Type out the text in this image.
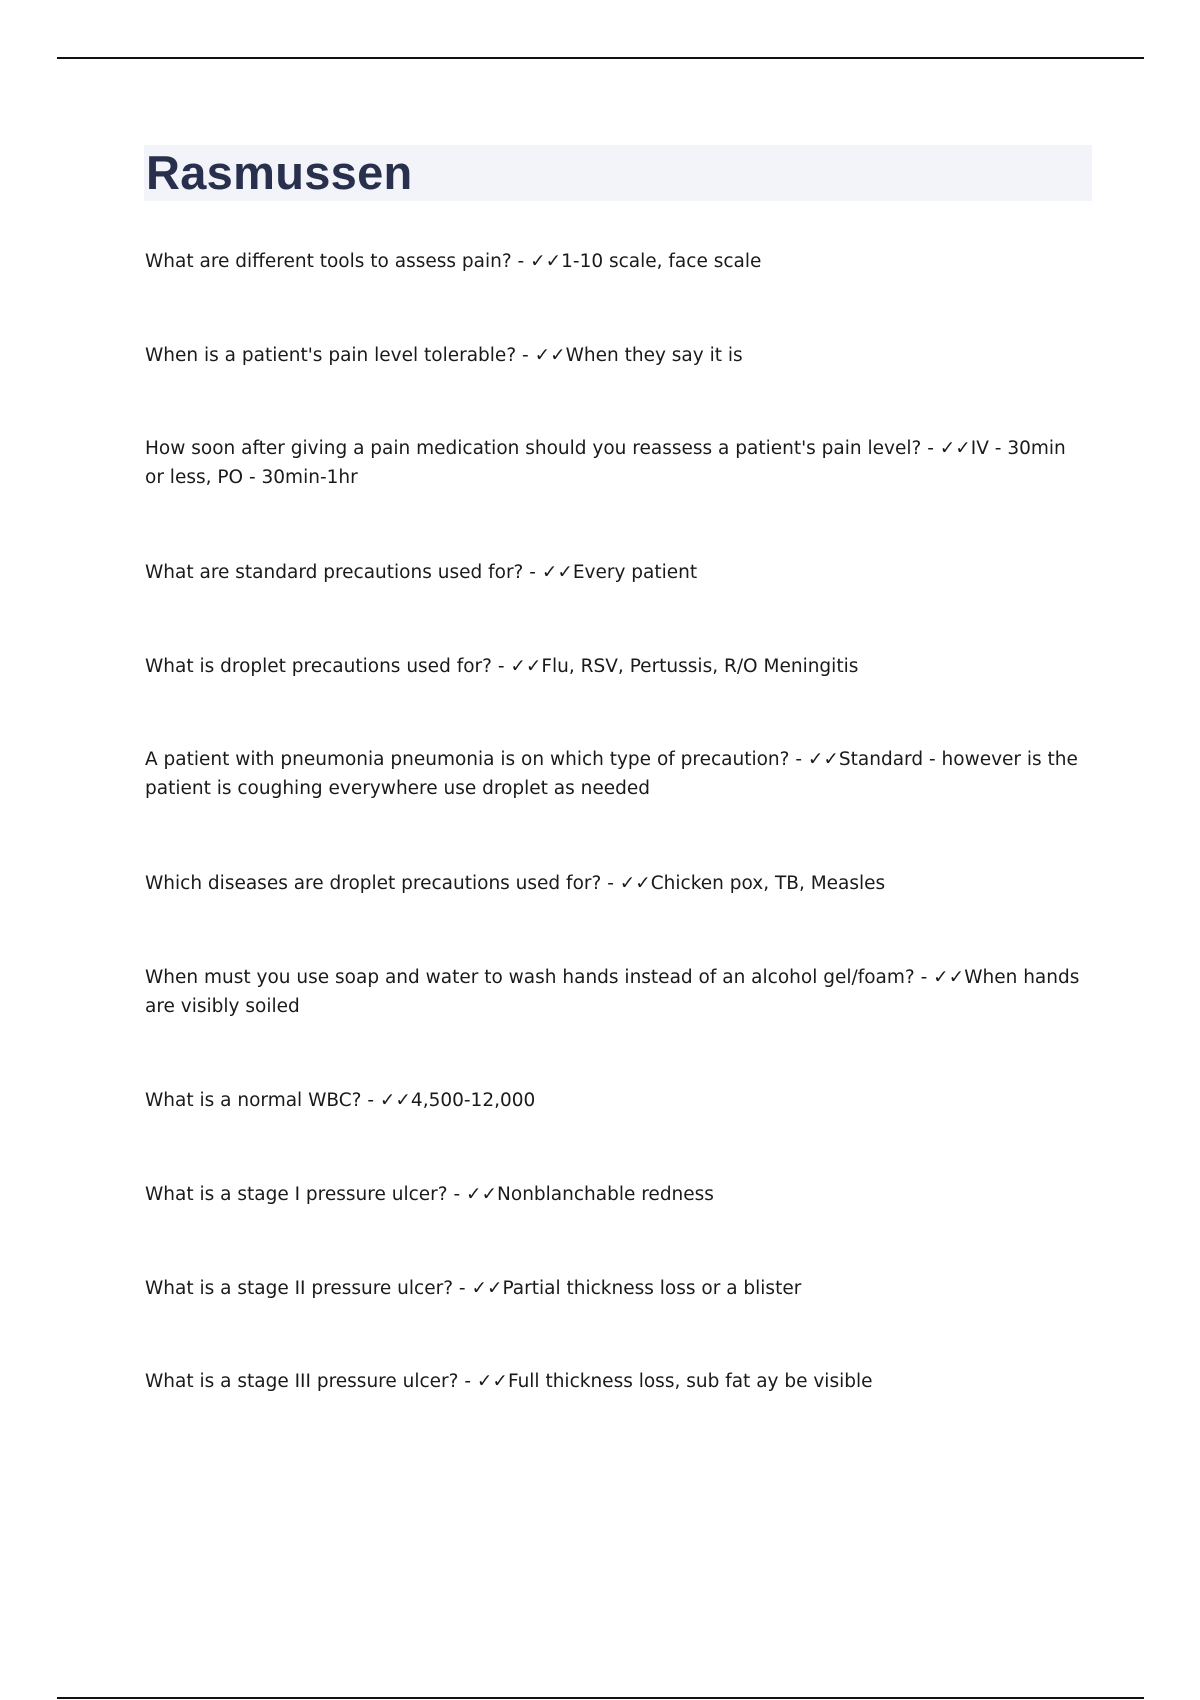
Rasmussen
What are different tools to assess pain? - ✓✓1-10 scale, face scale
When is a patient's pain level tolerable? - ✓✓When they say it is
How soon after giving a pain medication should you reassess a patient's pain level? - ✓✓IV - 30min or less, PO - 30min-1hr
What are standard precautions used for? - ✓✓Every patient
What is droplet precautions used for? - ✓✓Flu, RSV, Pertussis, R/O Meningitis
A patient with pneumonia pneumonia is on which type of precaution? - ✓✓Standard - however is the patient is coughing everywhere use droplet as needed
Which diseases are droplet precautions used for? - ✓✓Chicken pox, TB, Measles
When must you use soap and water to wash hands instead of an alcohol gel/foam? - ✓✓When hands are visibly soiled
What is a normal WBC? - ✓✓4,500-12,000
What is a stage I pressure ulcer? - ✓✓Nonblanchable redness
What is a stage II pressure ulcer? - ✓✓Partial thickness loss or a blister
What is a stage III pressure ulcer? - ✓✓Full thickness loss, sub fat ay be visible
